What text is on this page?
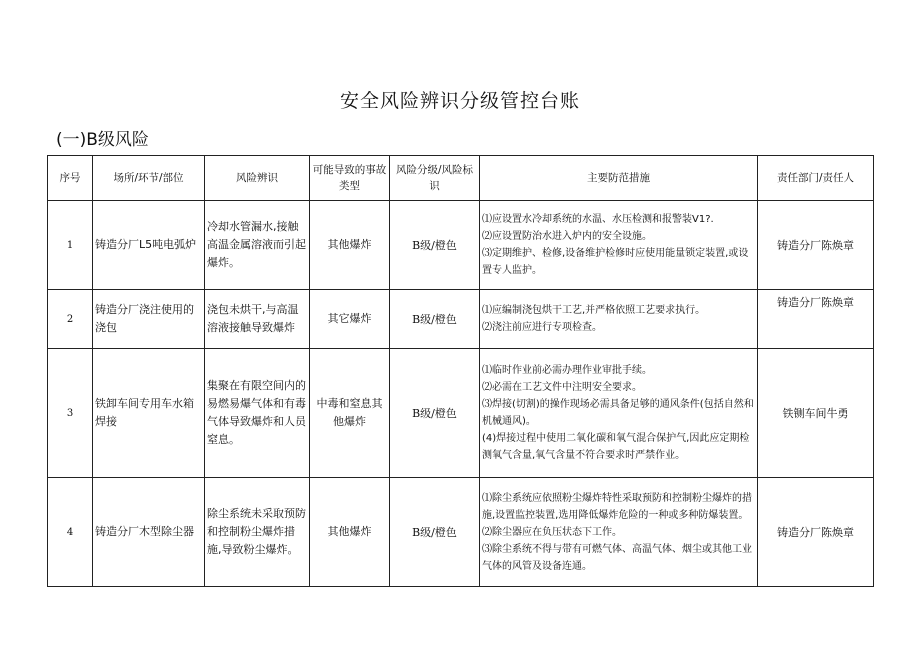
安全风险辨识分级管控台账
(一)B级风险
序号	场所/环节/部位	风险辨识	可能导致的事故类型	风险分级/风险标识	主要防范措施	责任部门/责任人
1	铸造分厂L5吨电弧炉	冷却水管漏水,接触高温金属溶液而引起爆炸。	其他爆炸	B级/橙色	⑴应设置水冷却系统的水温、水压检测和报警装V1?.
⑵应设置防治水进入炉内的安全设施。
⑶定期维护、检修,设备维护检修时应使用能量锁定装置,或设置专人监护。	铸造分厂陈焕章
2	铸造分厂浇注使用的浇包	浇包未烘干,与高温溶液接触导致爆炸	其它爆炸	B级/橙色	⑴应编制浇包烘干工艺,并严格依照工艺要求执行。
⑵浇注前应进行专项检查。	铸造分厂陈焕章
3	铁卸车间专用车水箱焊接	集聚在有限空间内的易燃易爆气体和有毒气体导致爆炸和人员窒息。	中毒和窒息其他爆炸	B级/橙色	⑴临时作业前必需办理作业审批手续。
⑵必需在工艺文件中注明安全要求。
⑶焊接(切割)的操作现场必需具备足够的通风条件(包括自然和机械通风)。
(4)焊接过程中使用二氧化碳和氧气混合保护气,因此应定期检测氧气含量,氧气含量不符合要求时严禁作业。	铁铡车间牛勇
4	铸造分厂木型除尘器	除尘系统未采取预防和控制粉尘爆炸措施,导致粉尘爆炸。	其他爆炸	B级/橙色	⑴除尘系统应依照粉尘爆炸特性采取预防和控制粉尘爆炸的措施,设置监控装置,选用降低爆炸危险的一种或多种防爆装置。
⑵除尘器应在负压状态下工作。
⑶除尘系统不得与带有可燃气体、高温气体、烟尘或其他工业气体的风管及设备连通。	铸造分厂陈焕章
